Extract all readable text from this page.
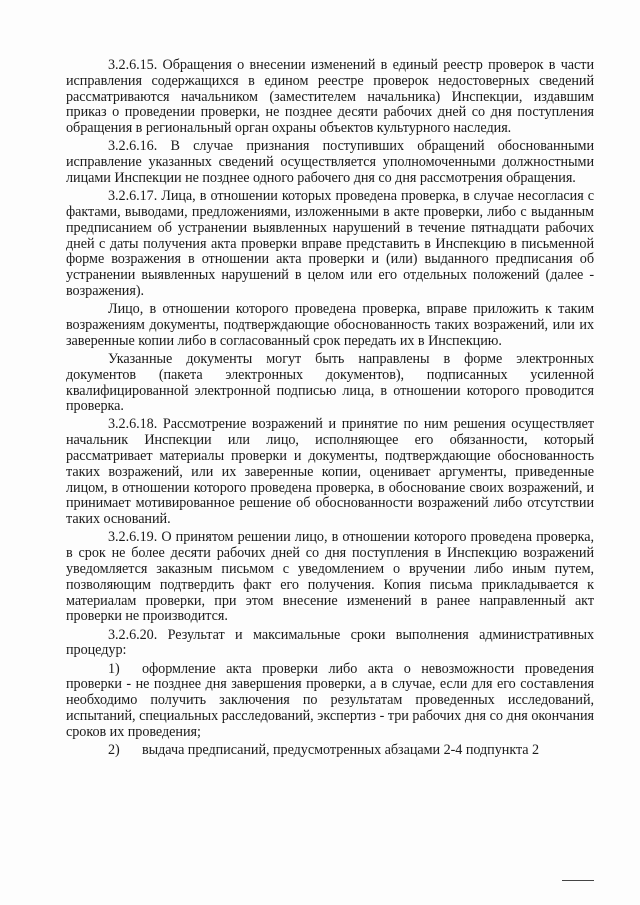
3.2.6.15. Обращения о внесении изменений в единый реестр проверок в части исправления содержащихся в едином реестре проверок недостоверных сведений рассматриваются начальником (заместителем начальника) Инспекции, издавшим приказ о проведении проверки, не позднее десяти рабочих дней со дня поступления обращения в региональный орган охраны объектов культурного наследия.

3.2.6.16. В случае признания поступивших обращений обоснованными исправление указанных сведений осуществляется уполномоченными должностными лицами Инспекции не позднее одного рабочего дня со дня рассмотрения обращения.

3.2.6.17. Лица, в отношении которых проведена проверка, в случае несогласия с фактами, выводами, предложениями, изложенными в акте проверки, либо с выданным предписанием об устранении выявленных нарушений в течение пятнадцати рабочих дней с даты получения акта проверки вправе представить в Инспекцию в письменной форме возражения в отношении акта проверки и (или) выданного предписания об устранении выявленных нарушений в целом или его отдельных положений (далее - возражения).

Лицо, в отношении которого проведена проверка, вправе приложить к таким возражениям документы, подтверждающие обоснованность таких возражений, или их заверенные копии либо в согласованный срок передать их в Инспекцию.

Указанные документы могут быть направлены в форме электронных документов (пакета электронных документов), подписанных усиленной квалифицированной электронной подписью лица, в отношении которого проводится проверка.

3.2.6.18. Рассмотрение возражений и принятие по ним решения осуществляет начальник Инспекции или лицо, исполняющее его обязанности, который рассматривает материалы проверки и документы, подтверждающие обоснованность таких возражений, или их заверенные копии, оценивает аргументы, приведенные лицом, в отношении которого проведена проверка, в обоснование своих возражений, и принимает мотивированное решение об обоснованности возражений либо отсутствии таких оснований.

3.2.6.19. О принятом решении лицо, в отношении которого проведена проверка, в срок не более десяти рабочих дней со дня поступления в Инспекцию возражений уведомляется заказным письмом с уведомлением о вручении либо иным путем, позволяющим подтвердить факт его получения. Копия письма прикладывается к материалам проверки, при этом внесение изменений в ранее направленный акт проверки не производится.

3.2.6.20. Результат и максимальные сроки выполнения административных процедур:

1) оформление акта проверки либо акта о невозможности проведения проверки - не позднее дня завершения проверки, а в случае, если для его составления необходимо получить заключения по результатам проведенных исследований, испытаний, специальных расследований, экспертиз - три рабочих дня со дня окончания сроков их проведения;

2) выдача предписаний, предусмотренных абзацами 2-4 подпункта 2
